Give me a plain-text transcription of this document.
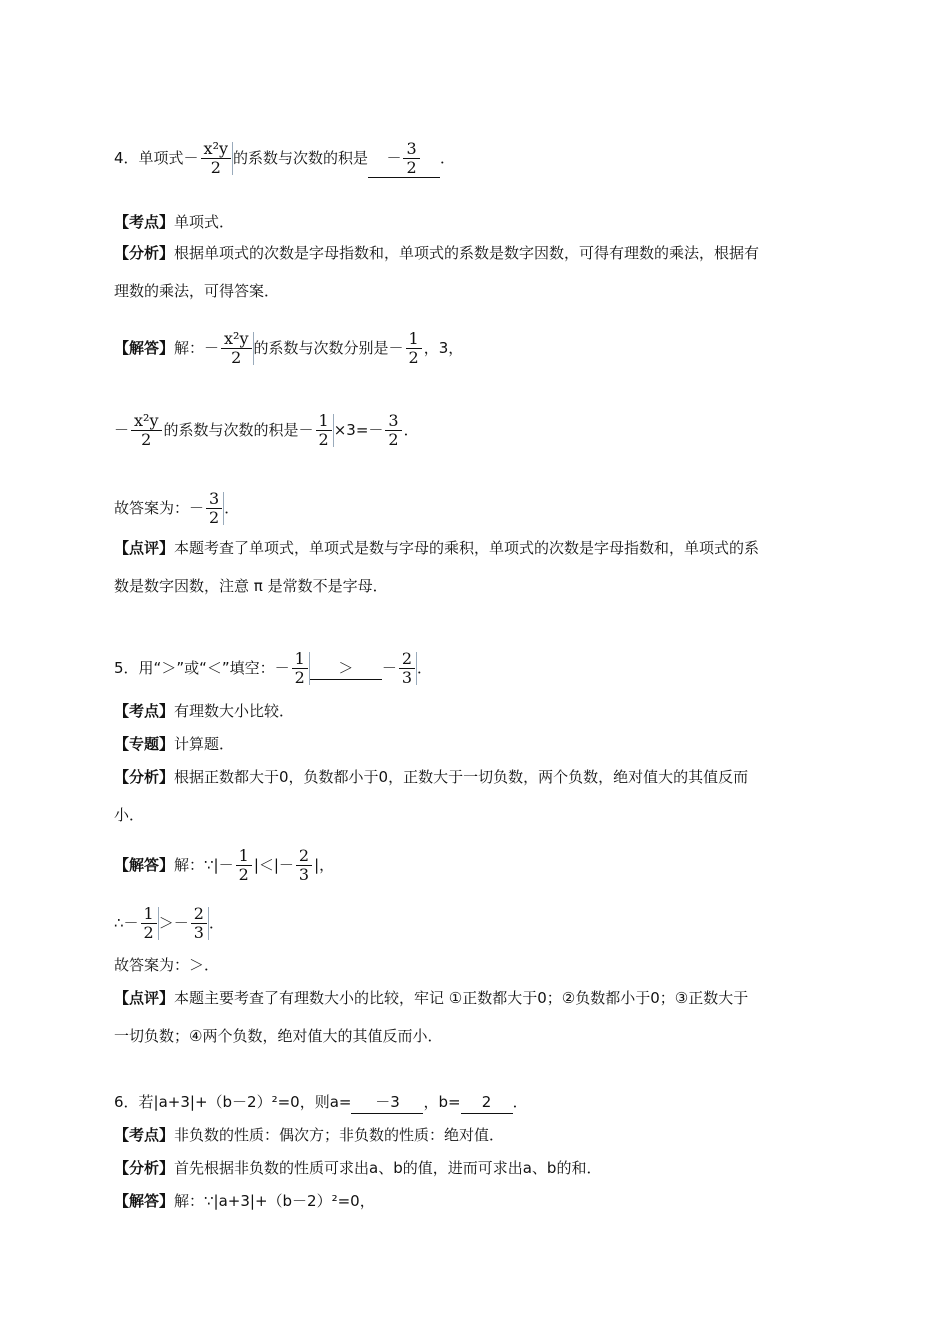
4．单项式－ $\frac{\text{x²y}}{2}$ 的系数与次数的积是 － $\frac{3}{2}$ ．
【考点】单项式．
【分析】根据单项式的次数是字母指数和，单项式的系数是数字因数，可得有理数的乘法，根据有
理数的乘法，可得答案．
【解答】解：－ $\frac{\text{x²y}}{2}$ 的系数与次数分别是－ $\frac{1}{2}$ ，3，
－ $\frac{\text{x²y}}{2}$ 的系数与次数的积是－ $\frac{1}{2} \times 3=- \frac{3}{2}$ ．
故答案为：－ $\frac{3}{2}$ ．
【点评】本题考查了单项式，单项式是数与字母的乘积，单项式的次数是字母指数和，单项式的系
数是数字因数，注意 π 是常数不是字母．
5．用“＞”或“＜”填空：－ $\frac{1}{2}$ ＞ － $\frac{2}{3}$ ．
【考点】有理数大小比较．
【专题】计算题．
【分析】根据正数都大于0，负数都小于0，正数大于一切负数，两个负数，绝对值大的其值反而
小．
【解答】解：∵|－ $\frac{1}{2}$ |＜|－ $\frac{2}{3}$ |，
∴－ $\frac{1}{2} >- \frac{2}{3}$ ．
故答案为：＞．
【点评】本题主要考查了有理数大小的比较，牢记 ①正数都大于0；②负数都小于0；③正数大于
一切负数；④两个负数，绝对值大的其值反而小．
6．若|a+3|+（b－2）²=0，则a= －3 ，b= 2 ．
【考点】非负数的性质：偶次方；非负数的性质：绝对值．
【分析】首先根据非负数的性质可求出a、b的值，进而可求出a、b的和．
【解答】解：∵|a+3|+（b－2）²=0，
